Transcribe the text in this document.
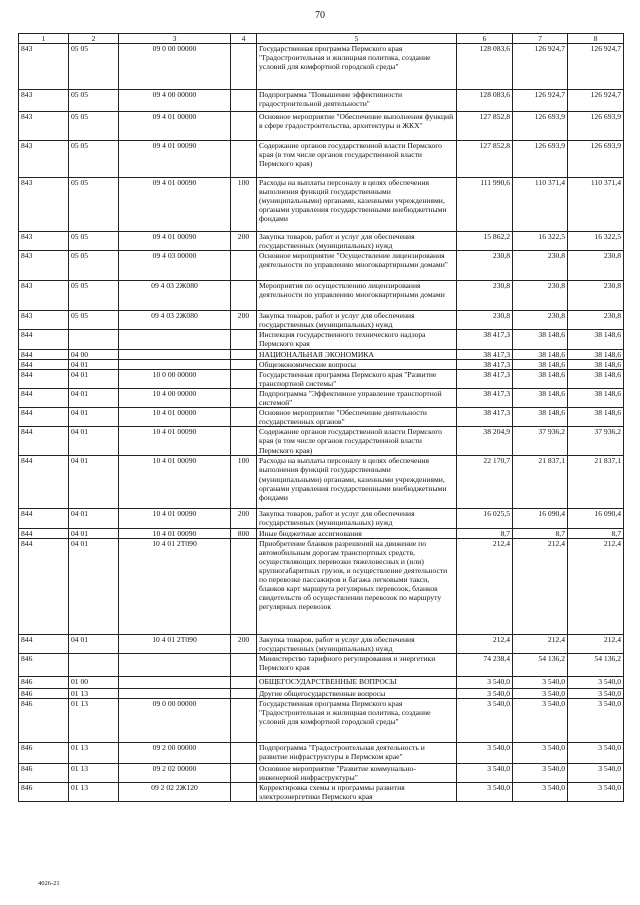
70
1	2	3	4	5	6	7	8
843	05 05	09 0 00 00000		Государственная программа Пермского края "Градостроительная и жилищная политика, создание условий для комфортной городской среды"	128 083,6	126 924,7	126 924,7
843	05 05	09 4 00 00000		Подпрограмма "Повышение эффективности градостроительной деятельности"	128 083,6	126 924,7	126 924,7
843	05 05	09 4 01 00000		Основное мероприятие "Обеспечение выполнения функций в сфере градостроительства, архитектуры и ЖКХ"	127 852,8	126 693,9	126 693,9
843	05 05	09 4 01 00090		Содержание органов государственной власти Пермского края (в том числе органов государственной власти Пермского края)	127 852,8	126 693,9	126 693,9
843	05 05	09 4 01 00090	100	Расходы на выплаты персоналу в целях обеспечения выполнения функций государственными (муниципальными) органами, казенными учреждениями, органами управления государственными внебюджетными фондами	111 990,6	110 371,4	110 371,4
843	05 05	09 4 01 00090	200	Закупка товаров, работ и услуг для обеспечения государственных (муниципальных) нужд	15 862,2	16 322,5	16 322,5
843	05 05	09 4 03 00000		Основное мероприятие "Осуществление лицензирования деятельности по управлению многоквартирными домами"	230,8	230,8	230,8
843	05 05	09 4 03 2Ж080		Мероприятия по осуществлению лицензирования деятельности по управлению многоквартирными домами	230,8	230,8	230,8
843	05 05	09 4 03 2Ж080	200	Закупка товаров, работ и услуг для обеспечения государственных (муниципальных) нужд	230,8	230,8	230,8
844				Инспекция государственного технического надзора Пермского края	38 417,3	38 148,6	38 148,6
844	04 00			НАЦИОНАЛЬНАЯ ЭКОНОМИКА	38 417,3	38 148,6	38 148,6
844	04 01			Общеэкономические вопросы	38 417,3	38 148,6	38 148,6
844	04 01	10 0 00 00000		Государственная программа Пермского края "Развитие транспортной системы"	38 417,3	38 148,6	38 148,6
844	04 01	10 4 00 00000		Подпрограмма "Эффективное управление транспортной системой"	38 417,3	38 148,6	38 148,6
844	04 01	10 4 01 00000		Основное мероприятие "Обеспечение деятельности государственных органов"	38 417,3	38 148,6	38 148,6
844	04 01	10 4 01 00090		Содержание органов государственной власти Пермского края (в том числе органов государственной власти Пермского края)	38 204,9	37 936,2	37 936,2
844	04 01	10 4 01 00090	100	Расходы на выплаты персоналу в целях обеспечения выполнения функций государственными (муниципальными) органами, казенными учреждениями, органами управления государственными внебюджетными фондами	22 170,7	21 837,1	21 837,1
844	04 01	10 4 01 00090	200	Закупка товаров, работ и услуг для обеспечения государственных (муниципальных) нужд	16 025,5	16 090,4	16 090,4
844	04 01	10 4 01 00090	800	Иные бюджетные ассигнования	8,7	8,7	8,7
844	04 01	10 4 01 2Т090		Приобретение бланков разрешений на движение по автомобильным дорогам транспортных средств, осуществляющих перевозки тяжеловесных и (или) крупногабаритных грузов, и осуществление деятельности по перевозке пассажиров и багажа легковыми такси, бланков карт маршрута регулярных перевозок, бланков свидетельств об осуществлении перевозок по маршруту регулярных перевозок	212,4	212,4	212,4
844	04 01	10 4 01 2Т090	200	Закупка товаров, работ и услуг для обеспечения государственных (муниципальных) нужд	212,4	212,4	212,4
846				Министерство тарифного регулирования и энергетики Пермского края	74 238,4	54 136,2	54 136,2
846	01 00			ОБЩЕГОСУДАРСТВЕННЫЕ ВОПРОСЫ	3 540,0	3 540,0	3 540,0
846	01 13			Другие общегосударственные вопросы	3 540,0	3 540,0	3 540,0
846	01 13	09 0 00 00000		Государственная программа Пермского края "Градостроительная и жилищная политика, создание условий для комфортной городской среды"	3 540,0	3 540,0	3 540,0
846	01 13	09 2 00 00000		Подпрограмма "Градостроительная деятельность и развитие инфраструктуры в Пермском крае"	3 540,0	3 540,0	3 540,0
846	01 13	09 2 02 00000		Основное мероприятие "Развитие коммунально-инженерной инфраструктуры"	3 540,0	3 540,0	3 540,0
846	01 13	09 2 02 2Ж120		Корректировка схемы и программы развития электроэнергетики Пермского края	3 540,0	3 540,0	3 540,0
4026-21
